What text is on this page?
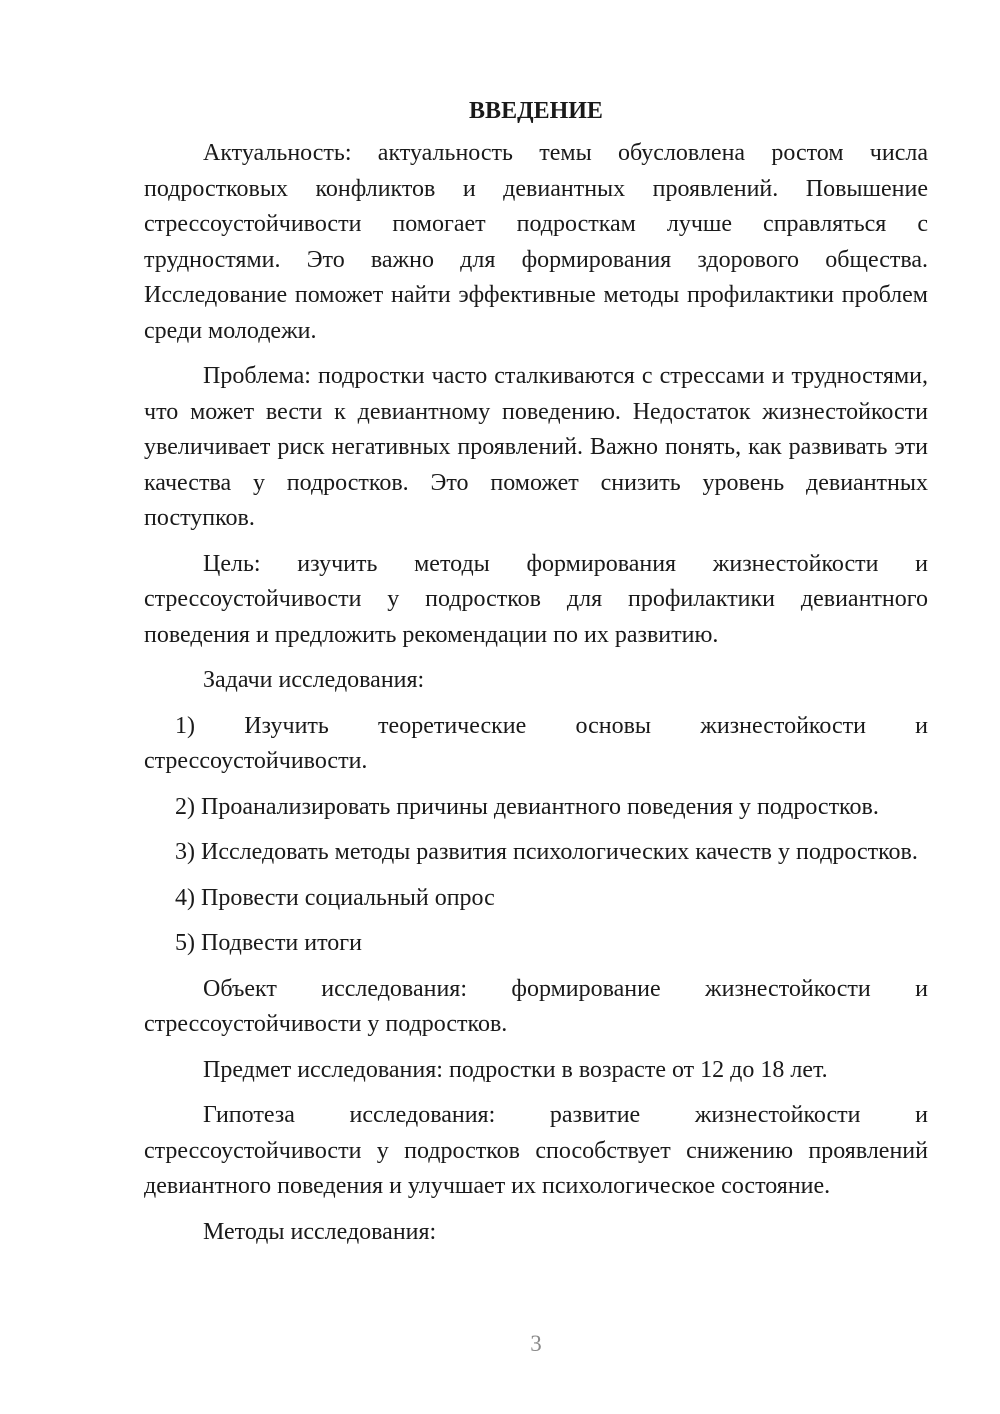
ВВЕДЕНИЕ

Актуальность: актуальность темы обусловлена ростом числа подростковых конфликтов и девиантных проявлений. Повышение стрессоустойчивости помогает подросткам лучше справляться с трудностями. Это важно для формирования здорового общества. Исследование поможет найти эффективные методы профилактики проблем среди молодежи.

Проблема: подростки часто сталкиваются с стрессами и трудностями, что может вести к девиантному поведению. Недостаток жизнестойкости увеличивает риск негативных проявлений. Важно понять, как развивать эти качества у подростков. Это поможет снизить уровень девиантных поступков.

Цель: изучить методы формирования жизнестойкости и стрессоустойчивости у подростков для профилактики девиантного поведения и предложить рекомендации по их развитию.

Задачи исследования:

1) Изучить теоретические основы жизнестойкости и стрессоустойчивости.

2) Проанализировать причины девиантного поведения у подростков.

3) Исследовать методы развития психологических качеств у подростков.

4) Провести социальный опрос

5) Подвести итоги

Объект исследования: формирование жизнестойкости и стрессоустойчивости у подростков.

Предмет исследования: подростки в возрасте от 12 до 18 лет.

Гипотеза исследования: развитие жизнестойкости и стрессоустойчивости у подростков способствует снижению проявлений девиантного поведения и улучшает их психологическое состояние.

Методы исследования:

3
